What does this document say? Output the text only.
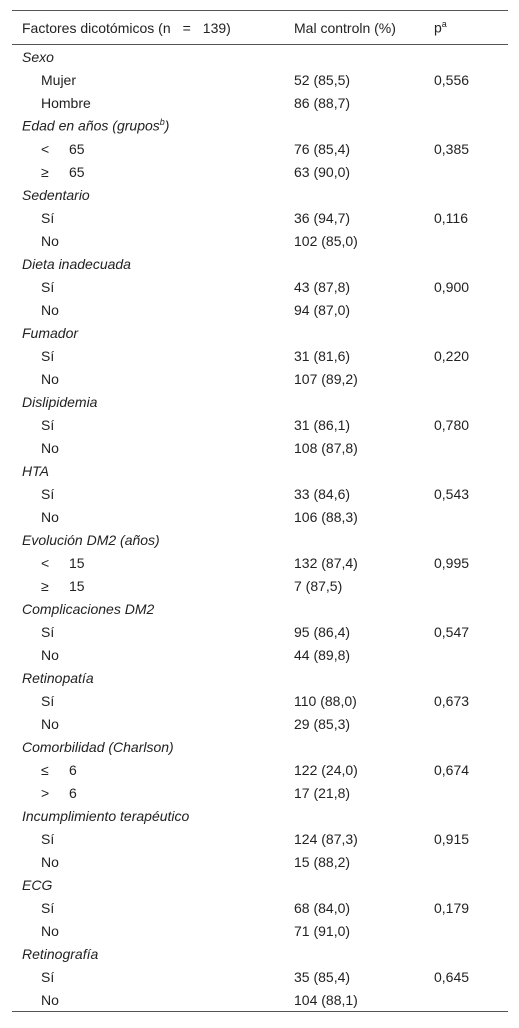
Factores dicotómicos (n = 139)	Mal controln (%)	$p^a$
Sexo		
Mujer	52 (85,5)	0,556
Hombre	86 (88,7)	
Edad en años (grupos$^b$)		
< 65	76 (85,4)	0,385
≥ 65	63 (90,0)	
Sedentario		
Sí	36 (94,7)	0,116
No	102 (85,0)	
Dieta inadecuada		
Sí	43 (87,8)	0,900
No	94 (87,0)	
Fumador		
Sí	31 (81,6)	0,220
No	107 (89,2)	
Dislipidemia		
Sí	31 (86,1)	0,780
No	108 (87,8)	
HTA		
Sí	33 (84,6)	0,543
No	106 (88,3)	
Evolución DM2 (años)		
< 15	132 (87,4)	0,995
≥ 15	7 (87,5)	
Complicaciones DM2		
Sí	95 (86,4)	0,547
No	44 (89,8)	
Retinopatía		
Sí	110 (88,0)	0,673
No	29 (85,3)	
Comorbilidad (Charlson)		
≤ 6	122 (24,0)	0,674
> 6	17 (21,8)	
Incumplimiento terapéutico		
Sí	124 (87,3)	0,915
No	15 (88,2)	
ECG		
Sí	68 (84,0)	0,179
No	71 (91,0)	
Retinografía		
Sí	35 (85,4)	0,645
No	104 (88,1)	
